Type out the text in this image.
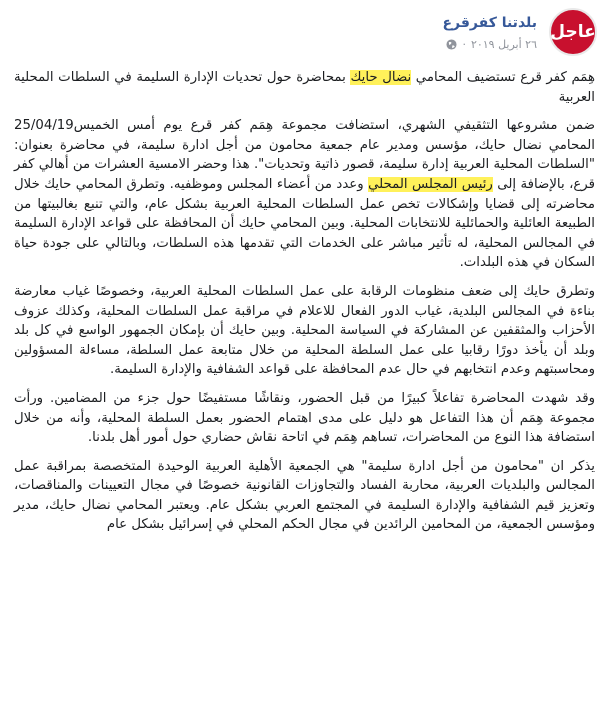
عاجل
بلدتنا كفرقرع
٢٦ أبريل ٢٠١٩
·

هِمَم كفر قرع تستضيف المحامي نضال حايك بمحاضرة حول تحديات الإدارة السليمة في السلطات المحلية العربية

ضمن مشروعها التثقيفي الشهري، استضافت مجموعة هِمَم كفر قرع يوم أمس الخميس25/04/19 المحامي نضال حايك، مؤسس ومدير عام جمعية محامون من أجل ادارة سليمة، في محاضرة بعنوان: "السلطات المحلية العربية إدارة سليمة، قصور ذاتية وتحديات". هذا وحضر الامسية العشرات من أهالي كفر قرع، بالإضافة إلى رئيس المجلس المحلي وعدد من أعضاء المجلس وموظفيه. وتطرق المحامي حايك خلال محاضرته إلى قضايا وإشكالات تخص عمل السلطات المحلية العربية بشكل عام، والتي تنبع بغالبيتها من الطبيعة العائلية والحمائلية للانتخابات المحلية. وبين المحامي حايك أن المحافظة على قواعد الإدارة السليمة في المجالس المحلية، له تأثير مباشر على الخدمات التي تقدمها هذه السلطات، وبالتالي على جودة حياة السكان في هذه البلدات.

وتطرق حايك إلى ضعف منظومات الرقابة على عمل السلطات المحلية العربية، وخصوصًا غياب معارضة بناءة في المجالس البلدية، غياب الدور الفعال للاعلام في مراقبة عمل السلطات المحلية، وكذلك عزوف الأحزاب والمثقفين عن المشاركة في السياسة المحلية. وبين حايك أن بإمكان الجمهور الواسع في كل بلد وبلد أن يأخذ دورًا رقابيا على عمل السلطة المحلية من خلال متابعة عمل السلطة، مساءلة المسؤولين ومحاسبتهم وعدم انتخابهم في حال عدم المحافظة على قواعد الشفافية والإدارة السليمة.

وقد شهدت المحاضرة تفاعلاً كبيرًا من قبل الحضور، ونقاشًا مستفيضًا حول جزء من المضامين. ورأت مجموعة هِمَم أن هذا التفاعل هو دليل على مدى اهتمام الحضور بعمل السلطة المحلية، وأنه من خلال استضافة هذا النوع من المحاضرات، تساهم هِمَم في اتاحة نقاش حضاري حول أمور أهل بلدنا.

يذكر ان "محامون من أجل ادارة سليمة" هي الجمعية الأهلية العربية الوحيدة المتخصصة بمراقبة عمل المجالس والبلديات العربية، محاربة الفساد والتجاوزات القانونية خصوصًا في مجال التعيينات والمناقصات، وتعزيز قيم الشفافية والإدارة السليمة في المجتمع العربي بشكل عام. ويعتبر المحامي نضال حايك، مدير ومؤسس الجمعية، من المحامين الرائدين في مجال الحكم المحلي في إسرائيل بشكل عام
